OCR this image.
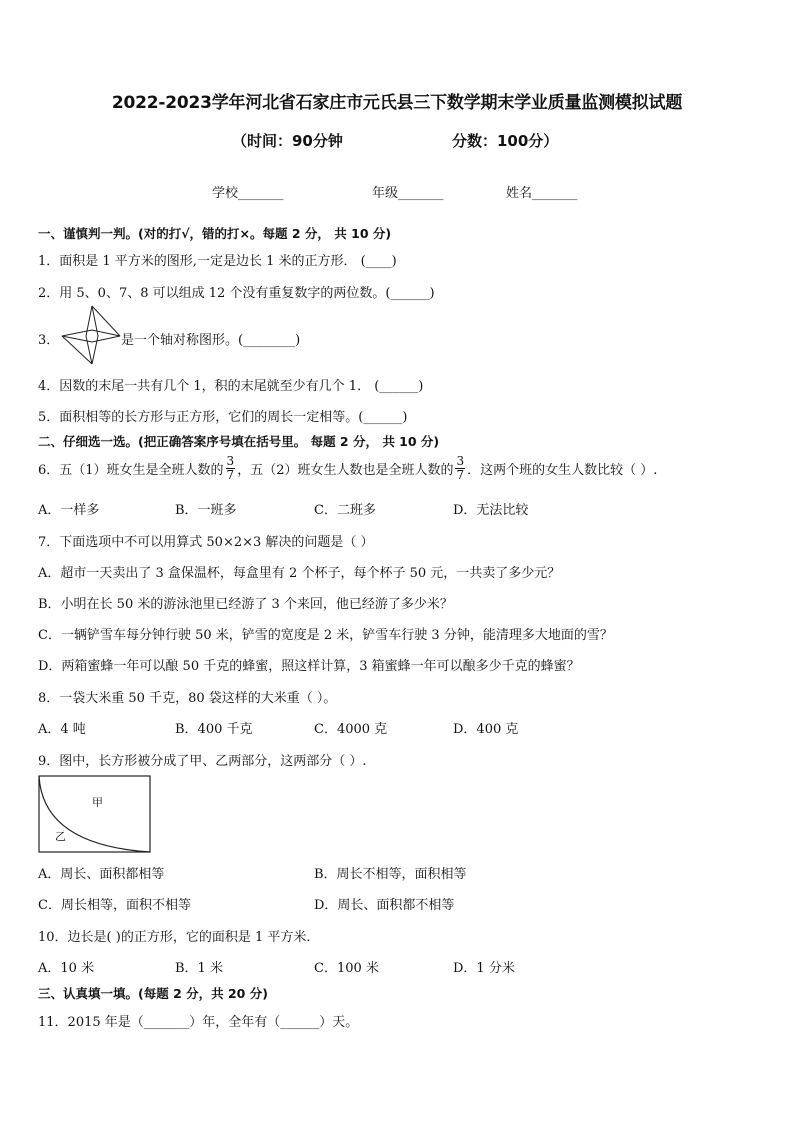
2022-2023学年河北省石家庄市元氏县三下数学期末学业质量监测模拟试题
（时间：90分钟	分数：100分）
学校_______	年级_______	姓名_______
一、谨慎判一判。(对的打√，错的打×。每题 2 分， 共 10 分)
1．面积是 1 平方米的图形,一定是边长 1 米的正方形． (____)
2．用 5、0、7、8 可以组成 12 个没有重复数字的两位数。(______)
3．	是一个轴对称图形。(________)
4．因数的末尾一共有几个 1，积的末尾就至少有几个 1． (______)
5．面积相等的长方形与正方形，它们的周长一定相等。(______)
二、仔细选一选。(把正确答案序号填在括号里。 每题 2 分， 共 10 分)
6．五（1）班女生是全班人数的 $\frac{3}{7}$ ，五（2）班女生人数也是全班人数的 $\frac{3}{7}$ ．这两个班的女生人数比较（ ）.
A．一样多	B．一班多	C．二班多	D．无法比较
7．下面选项中不可以用算式 50×2×3 解决的问题是（ ）
A．超市一天卖出了 3 盒保温杯，每盒里有 2 个杯子，每个杯子 50 元，一共卖了多少元？
B．小明在长 50 米的游泳池里已经游了 3 个来回，他已经游了多少米？
C．一辆铲雪车每分钟行驶 50 米，铲雪的宽度是 2 米，铲雪车行驶 3 分钟，能清理多大地面的雪？
D．两箱蜜蜂一年可以酿 50 千克的蜂蜜，照这样计算，3 箱蜜蜂一年可以酿多少千克的蜂蜜？
8．一袋大米重 50 千克，80 袋这样的大米重（ ）。
A．4 吨	B．400 千克	C．4000 克	D．400 克
9．图中，长方形被分成了甲、乙两部分，这两部分（ ）.
甲
乙
A．周长、面积都相等	B．周长不相等，面积相等
C．周长相等，面积不相等	D．周长、面积都不相等
10．边长是( )的正方形，它的面积是 1 平方米．
A．10 米	B．1 米	C．100 米	D．1 分米
三、认真填一填。(每题 2 分，共 20 分)
11．2015 年是（_______）年，全年有（______）天。
